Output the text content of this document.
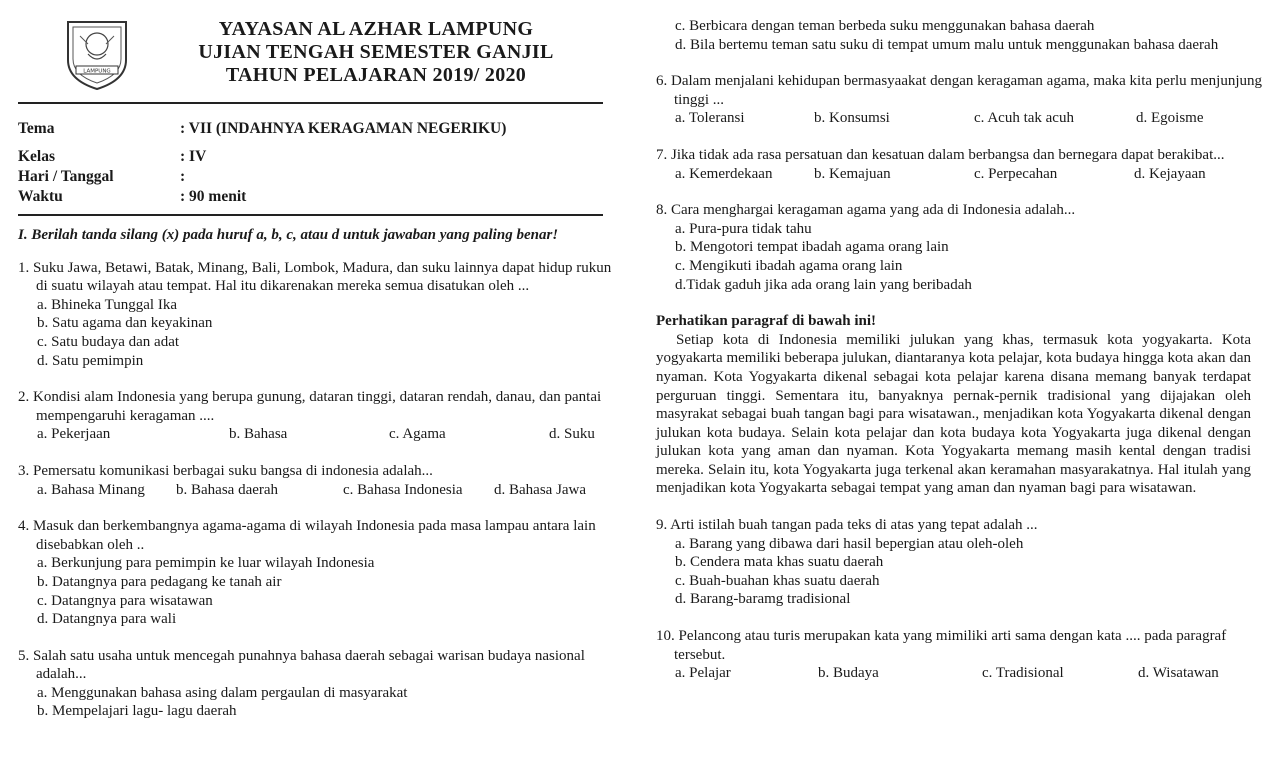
LAMPUNG
YAYASAN AL AZHAR LAMPUNG
UJIAN TENGAH SEMESTER GANJIL
TAHUN PELAJARAN 2019/ 2020
Tema	: VII (INDAHNYA KERAGAMAN NEGERIKU)
Kelas	: IV
Hari / Tanggal	:
Waktu	: 90 menit
I. Berilah tanda silang (x) pada huruf a, b, c, atau d untuk jawaban yang paling benar!
1. Suku Jawa, Betawi, Batak, Minang, Bali, Lombok, Madura, dan suku lainnya dapat hidup rukun di suatu wilayah atau tempat. Hal itu dikarenakan mereka semua disatukan oleh ...
a. Bhineka Tunggal Ika
b. Satu agama dan keyakinan
c. Satu budaya dan adat
d. Satu pemimpin
2. Kondisi alam Indonesia yang berupa gunung, dataran tinggi, dataran rendah, danau, dan pantai mempengaruhi keragaman ....
a. Pekerjaan	b. Bahasa	c. Agama	d. Suku
3. Pemersatu komunikasi berbagai suku bangsa di indonesia adalah...
a. Bahasa Minang	b. Bahasa daerah	c. Bahasa Indonesia	d. Bahasa Jawa
4. Masuk dan berkembangnya agama-agama di wilayah Indonesia pada masa lampau antara lain disebabkan oleh ..
a. Berkunjung para pemimpin ke luar wilayah Indonesia
b. Datangnya para pedagang ke tanah air
c. Datangnya para wisatawan
d. Datangnya para wali
5. Salah satu usaha untuk mencegah punahnya bahasa daerah sebagai warisan budaya nasional adalah...
a. Menggunakan bahasa asing dalam pergaulan di masyarakat
b. Mempelajari lagu- lagu daerah
c. Berbicara dengan teman berbeda suku menggunakan bahasa daerah
d. Bila bertemu teman satu suku di tempat umum malu untuk menggunakan bahasa daerah
6. Dalam menjalani kehidupan bermasyaakat dengan keragaman agama, maka kita perlu menjunjung tinggi ...
a. Toleransi	b. Konsumsi	c. Acuh tak acuh	d. Egoisme
7. Jika tidak ada rasa persatuan dan kesatuan dalam berbangsa dan bernegara dapat berakibat...
a. Kemerdekaan	b. Kemajuan	c. Perpecahan	d. Kejayaan
8. Cara menghargai keragaman agama yang ada di Indonesia adalah...
a. Pura-pura tidak tahu
b. Mengotori tempat ibadah agama orang lain
c. Mengikuti ibadah agama orang lain
d.Tidak gaduh jika ada orang lain yang beribadah
Perhatikan paragraf di bawah ini!
Setiap kota di Indonesia memiliki julukan yang khas, termasuk kota yogyakarta. Kota yogyakarta memiliki beberapa julukan, diantaranya kota pelajar, kota budaya hingga kota akan dan nyaman. Kota Yogyakarta dikenal sebagai kota pelajar karena disana memang banyak terdapat perguruan tinggi. Sementara itu, banyaknya pernak-pernik tradisional yang dijajakan oleh masyrakat sebagai buah tangan bagi para wisatawan., menjadikan kota Yogyakarta dikenal dengan julukan kota budaya. Selain kota pelajar dan kota budaya kota Yogyakarta juga dikenal dengan julukan kota yang aman dan nyaman. Kota Yogyakarta memang masih kental dengan tradisi mereka. Selain itu, kota Yogyakarta juga terkenal akan keramahan masyarakatnya. Hal itulah yang menjadikan kota Yogyakarta sebagai tempat yang aman dan nyaman bagi para wisatawan.
9. Arti istilah buah tangan pada teks di atas yang tepat adalah ...
a. Barang yang dibawa dari hasil bepergian atau oleh-oleh
b. Cendera mata khas suatu daerah
c. Buah-buahan khas suatu daerah
d. Barang-baramg tradisional
10. Pelancong atau turis merupakan kata yang mimiliki arti sama dengan kata .... pada paragraf tersebut.
a. Pelajar	b. Budaya	c. Tradisional	d. Wisatawan
